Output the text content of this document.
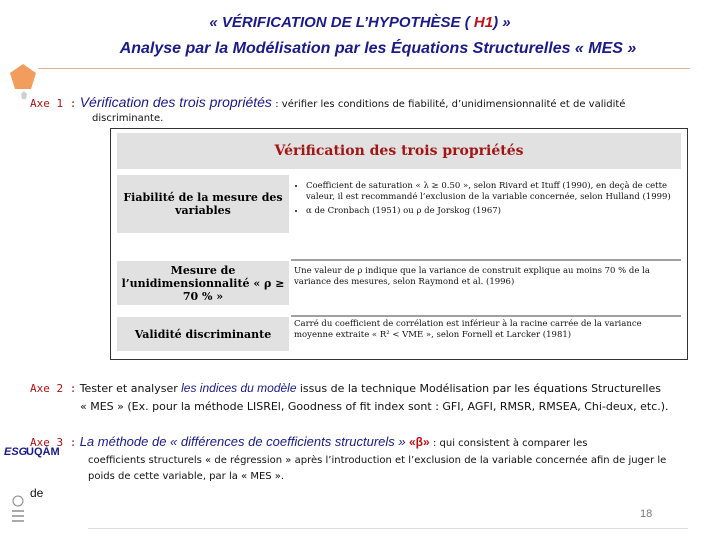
« VÉRIFICATION DE L’HYPOTHÈSE ( H1) »
Analyse par la Modélisation par les Équations Structurelles « MES »
Axe 1 : Vérification des trois propriétés : vérifier les conditions de fiabilité, d’unidimensionnalité et de validité
discriminante.
Vérification des trois propriétés
Fiabilité de la mesure des variables
• Coefficient de saturation « λ ≥ 0.50 », selon Rivard et Ituff (1990), en deçà de cette valeur, il est recommandé l’exclusion de la variable concernée, selon Hulland (1999)
• α de Cronbach (1951) ou ρ de Jorskog (1967)
Mesure de l’unidimensionnalité « ρ ≥ 70 % »
Une valeur de ρ indique que la variance de construit explique au moins 70 % de la variance des mesures, selon Raymond et al. (1996)
Validité discriminante
Carré du coefficient de corrélation est inférieur à la racine carrée de la variance moyenne extraite « R² < VME », selon Fornell et Larcker (1981)
Axe 2 : Tester et analyser les indices du modèle issus de la technique Modélisation par les équations Structurelles
« MES » (Ex. pour la méthode LISREl, Goodness of fit index sont : GFI, AGFI, RMSR, RMSEA, Chi-deux, etc.).
Axe 3 : La méthode de « différences de coefficients structurels » «β» : qui consistent à comparer les
coefficients structurels « de régression » après l’introduction et l’exclusion de la variable concernée afin de juger le
poids de cette variable, par la « MES ».
ESG
UQÀM
de
18
